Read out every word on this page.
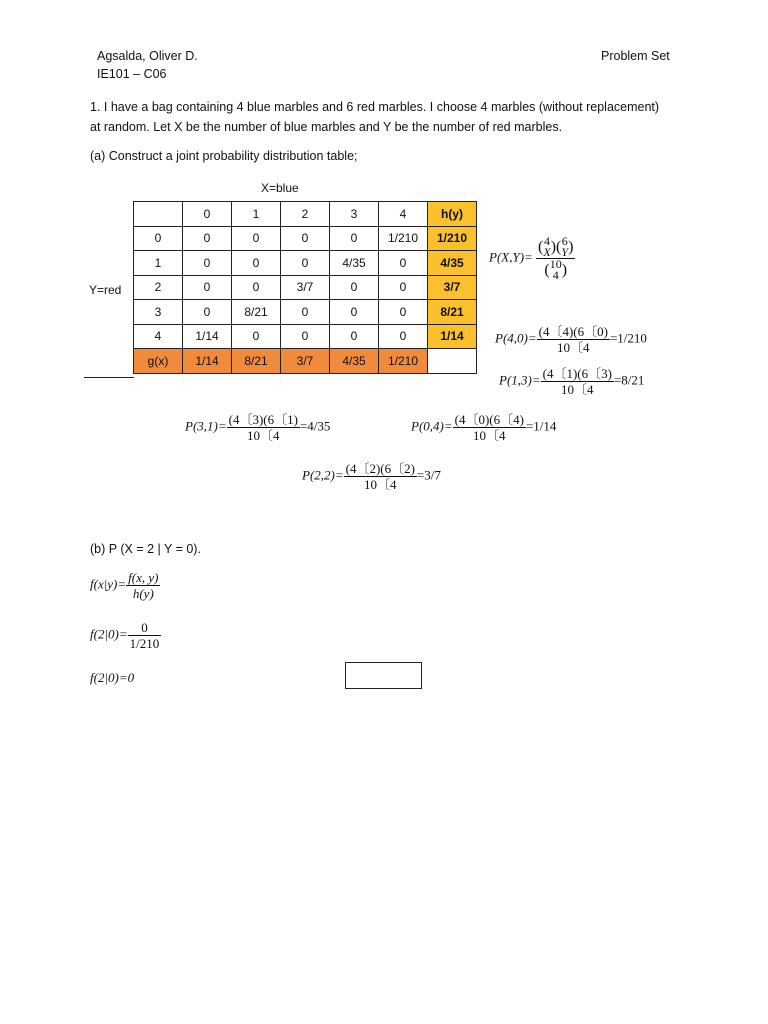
Agsalda, Oliver D.
IE101 – C06
Problem Set
1. I have a bag containing 4 blue marbles and 6 red marbles. I choose 4 marbles (without replacement)
at random. Let X be the number of blue marbles and Y be the number of red marbles.
(a) Construct a joint probability distribution table;
X=blue
Y=red
	0	1	2	3	4	h(y)
0	0	0	0	0	1/210	1/210
1	0	0	0	4/35	0	4/35
2	0	0	3/7	0	0	3/7
3	0	8/21	0	0	0	8/21
4	1/14	0	0	0	0	1/14
g(x)	1/14	8/21	3/7	4/35	1/210	
P(X,Y)=
(4
X)(6
Y)
(10
4 )
$P(4,0)= \frac{(4〔4)(6〔0)}{10〔4} =1/210$
$P(1,3)= \frac{(4〔1)(6〔3)}{10〔4} =8/21$
$P(3,1)= \frac{(4〔3)(6〔1)}{10〔4} =4/35$	$P(0,4)= \frac{(4〔0)(6〔4)}{10〔4} =1/14$
$P(2,2)= \frac{(4〔2)(6〔2)}{10〔4} =3/7$
(b) P (X = 2 | Y = 0).
$f(x|y)= \frac{f(x, y)}{h(y)}$
$f(2|0)= \frac{0}{1/210}$
f(2|0)=0
